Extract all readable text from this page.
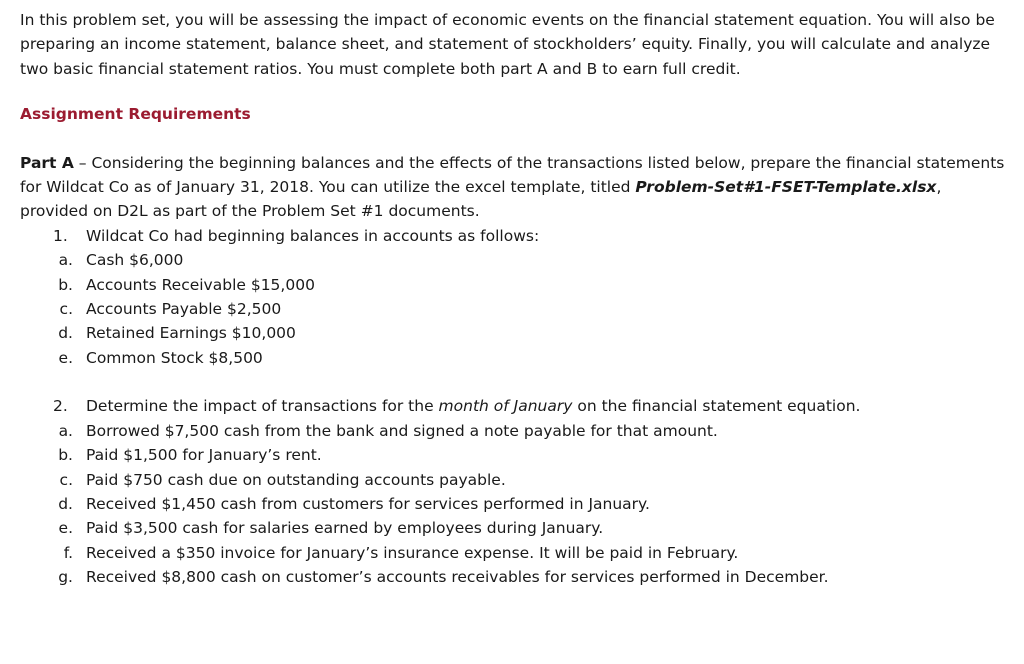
In this problem set, you will be assessing the impact of economic events on the financial statement equation. You will also be preparing an income statement, balance sheet, and statement of stockholders’ equity. Finally, you will calculate and analyze two basic financial statement ratios. You must complete both part A and B to earn full credit.

Assignment Requirements

Part A – Considering the beginning balances and the effects of the transactions listed below, prepare the financial statements for Wildcat Co as of January 31, 2018. You can utilize the excel template, titled Problem-Set#1-FSET-Template.xlsx, provided on D2L as part of the Problem Set #1 documents.

1. Wildcat Co had beginning balances in accounts as follows:
a. Cash $6,000
b. Accounts Receivable $15,000
c. Accounts Payable $2,500
d. Retained Earnings $10,000
e. Common Stock $8,500
2. Determine the impact of transactions for the month of January on the financial statement equation.
a. Borrowed $7,500 cash from the bank and signed a note payable for that amount.
b. Paid $1,500 for January’s rent.
c. Paid $750 cash due on outstanding accounts payable.
d. Received $1,450 cash from customers for services performed in January.
e. Paid $3,500 cash for salaries earned by employees during January.
f. Received a $350 invoice for January’s insurance expense. It will be paid in February.
g. Received $8,800 cash on customer’s accounts receivables for services performed in December.
